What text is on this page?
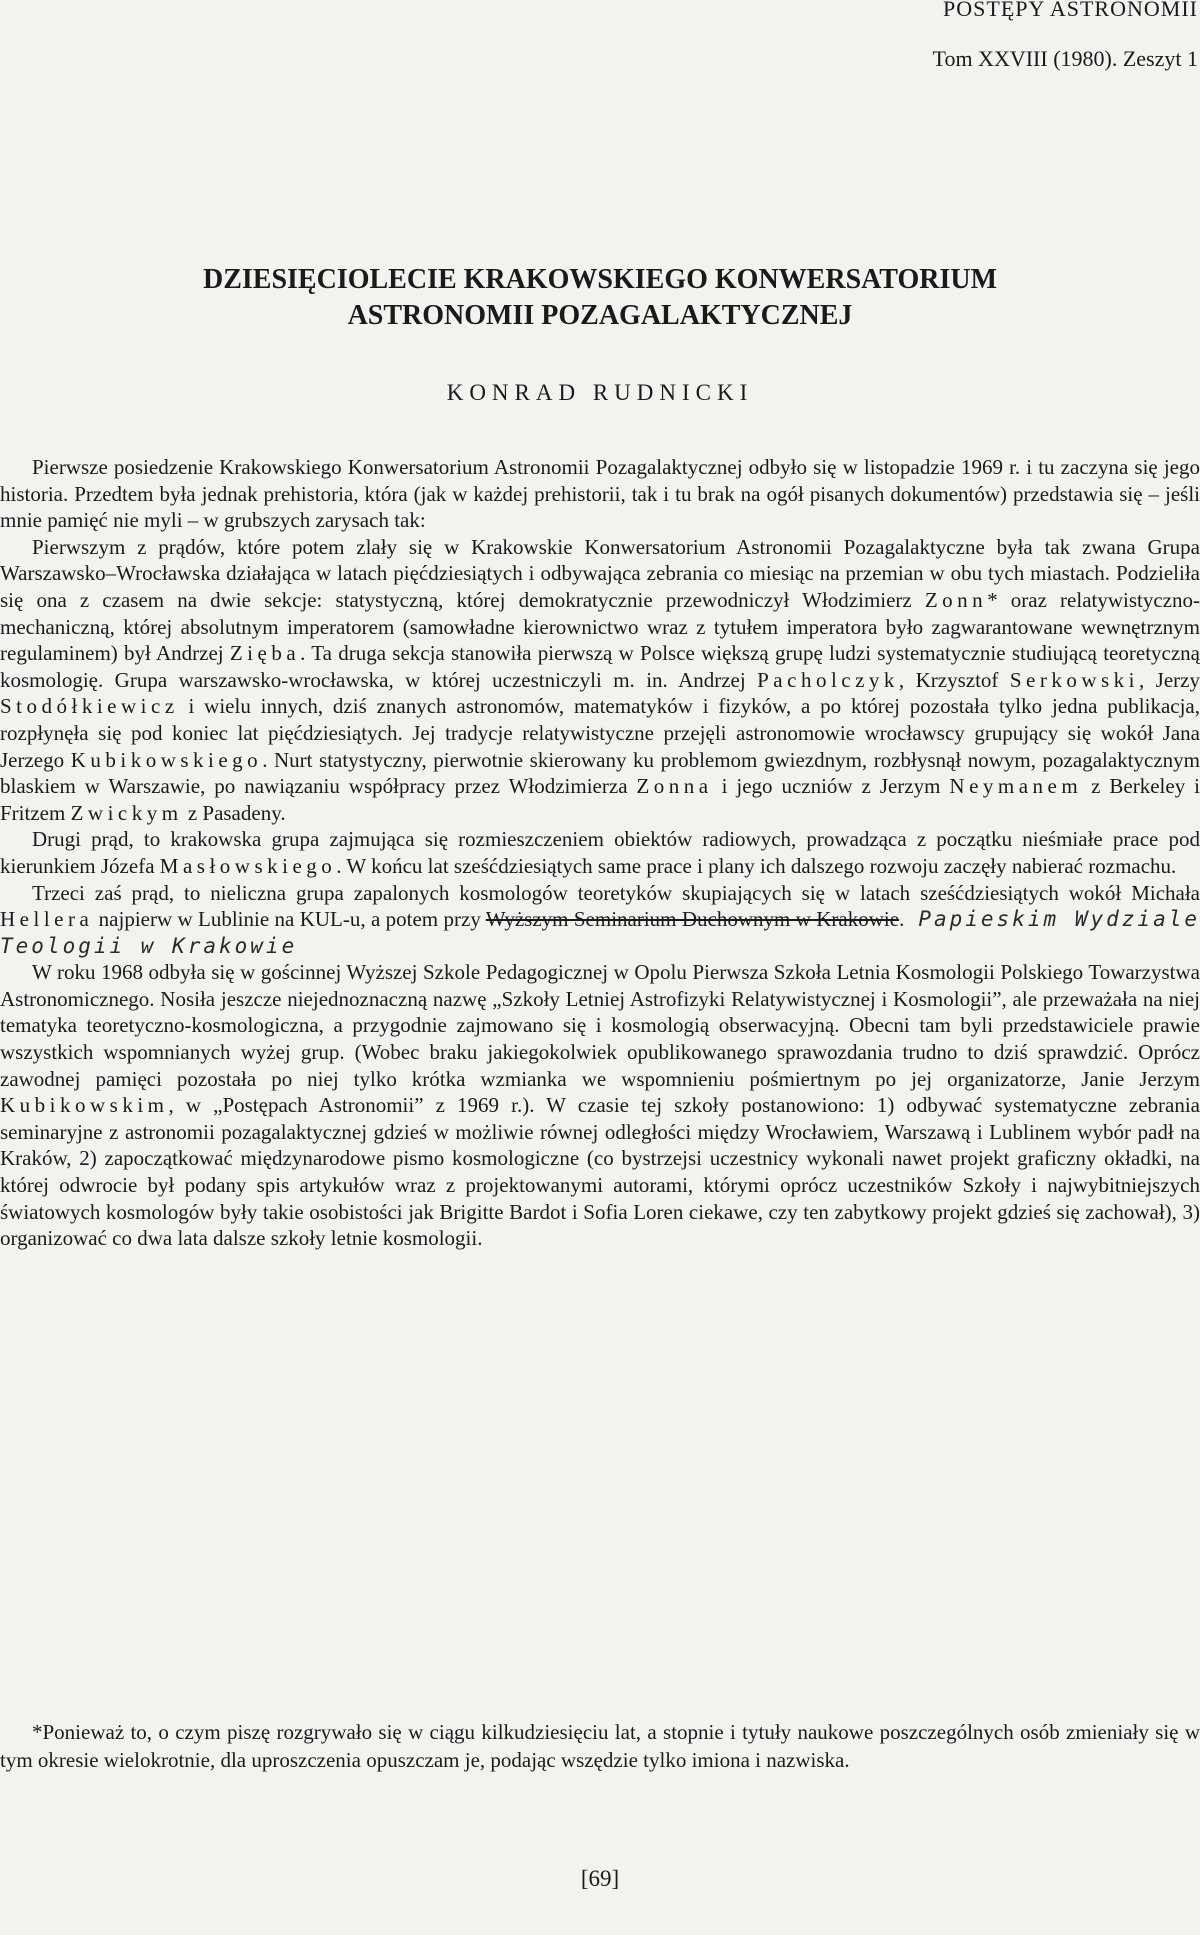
POSTĘPY ASTRONOMII
Tom XXVIII (1980). Zeszyt 1
DZIESIĘCIOLECIE KRAKOWSKIEGO KONWERSATORIUM
ASTRONOMII POZAGALAKTYCZNEJ
KONRAD RUDNICKI

Pierwsze posiedzenie Krakowskiego Konwersatorium Astronomii Pozagalaktycznej odbyło się w listopadzie 1969 r. i tu zaczyna się jego historia. Przedtem była jednak prehistoria, która (jak w każdej prehistorii, tak i tu brak na ogół pisanych dokumentów) przedstawia się – jeśli mnie pamięć nie myli – w grubszych zarysach tak:

Pierwszym z prądów, które potem zlały się w Krakowskie Konwersatorium Astronomii Pozagalaktyczne była tak zwana Grupa Warszawsko–Wrocławska działająca w latach pięćdziesiątych i odbywająca zebrania co miesiąc na przemian w obu tych miastach. Podzieliła się ona z czasem na dwie sekcje: statystyczną, której demokratycznie przewodniczył Włodzimierz Zonn* oraz relatywistyczno-mechaniczną, której absolutnym imperatorem (samowładne kierownictwo wraz z tytułem imperatora było zagwarantowane wewnętrznym regulaminem) był Andrzej Zięba. Ta druga sekcja stanowiła pierwszą w Polsce większą grupę ludzi systematycznie studiującą teoretyczną kosmologię. Grupa warszawsko-wrocławska, w której uczestniczyli m. in. Andrzej Pacholczyk, Krzysztof Serkowski, Jerzy Stodółkiewicz i wielu innych, dziś znanych astronomów, matematyków i fizyków, a po której pozostała tylko jedna publikacja, rozpłynęła się pod koniec lat pięćdziesiątych. Jej tradycje relatywistyczne przejęli astronomowie wrocławscy grupujący się wokół Jana Jerzego Kubikowskiego. Nurt statystyczny, pierwotnie skierowany ku problemom gwiezdnym, rozbłysnął nowym, pozagalaktycznym blaskiem w Warszawie, po nawiązaniu współpracy przez Włodzimierza Zonna i jego uczniów z Jerzym Neymanem z Berkeley i Fritzem Zwickym z Pasadeny.

Drugi prąd, to krakowska grupa zajmująca się rozmieszczeniem obiektów radiowych, prowadząca z początku nieśmiałe prace pod kierunkiem Józefa Masłowskiego. W końcu lat sześćdziesiątych same prace i plany ich dalszego rozwoju zaczęły nabierać rozmachu.

Trzeci zaś prąd, to nieliczna grupa zapalonych kosmologów teoretyków skupiających się w latach sześćdziesiątych wokół Michała Hellera najpierw w Lublinie na KUL-u, a potem przy Wyższym Seminarium Duchownym w Krakowie. Papieskim Wydziale Teologii w Krakowie

W roku 1968 odbyła się w gościnnej Wyższej Szkole Pedagogicznej w Opolu Pierwsza Szkoła Letnia Kosmologii Polskiego Towarzystwa Astronomicznego. Nosiła jeszcze niejednoznaczną nazwę „Szkoły Letniej Astrofizyki Relatywistycznej i Kosmologii”, ale przeważała na niej tematyka teoretyczno-kosmologiczna, a przygodnie zajmowano się i kosmologią obserwacyjną. Obecni tam byli przedstawiciele prawie wszystkich wspomnianych wyżej grup. (Wobec braku jakiegokolwiek opublikowanego sprawozdania trudno to dziś sprawdzić. Oprócz zawodnej pamięci pozostała po niej tylko krótka wzmianka we wspomnieniu pośmiertnym po jej organizatorze, Janie Jerzym Kubikowskim, w „Postępach Astronomii” z 1969 r.). W czasie tej szkoły postanowiono: 1) odbywać systematyczne zebrania seminaryjne z astronomii pozagalaktycznej gdzieś w możliwie równej odległości między Wrocławiem, Warszawą i Lublinem wybór padł na Kraków, 2) zapoczątkować międzynarodowe pismo kosmologiczne (co bystrzejsi uczestnicy wykonali nawet projekt graficzny okładki, na której odwrocie był podany spis artykułów wraz z projektowanymi autorami, którymi oprócz uczestników Szkoły i najwybitniejszych światowych kosmologów były takie osobistości jak Brigitte Bardot i Sofia Loren ciekawe, czy ten zabytkowy projekt gdzieś się zachował), 3) organizować co dwa lata dalsze szkoły letnie kosmologii.

*Ponieważ to, o czym piszę rozgrywało się w ciągu kilkudziesięciu lat, a stopnie i tytuły naukowe poszczególnych osób zmieniały się w tym okresie wielokrotnie, dla uproszczenia opuszczam je, podając wszędzie tylko imiona i nazwiska.

[69]
